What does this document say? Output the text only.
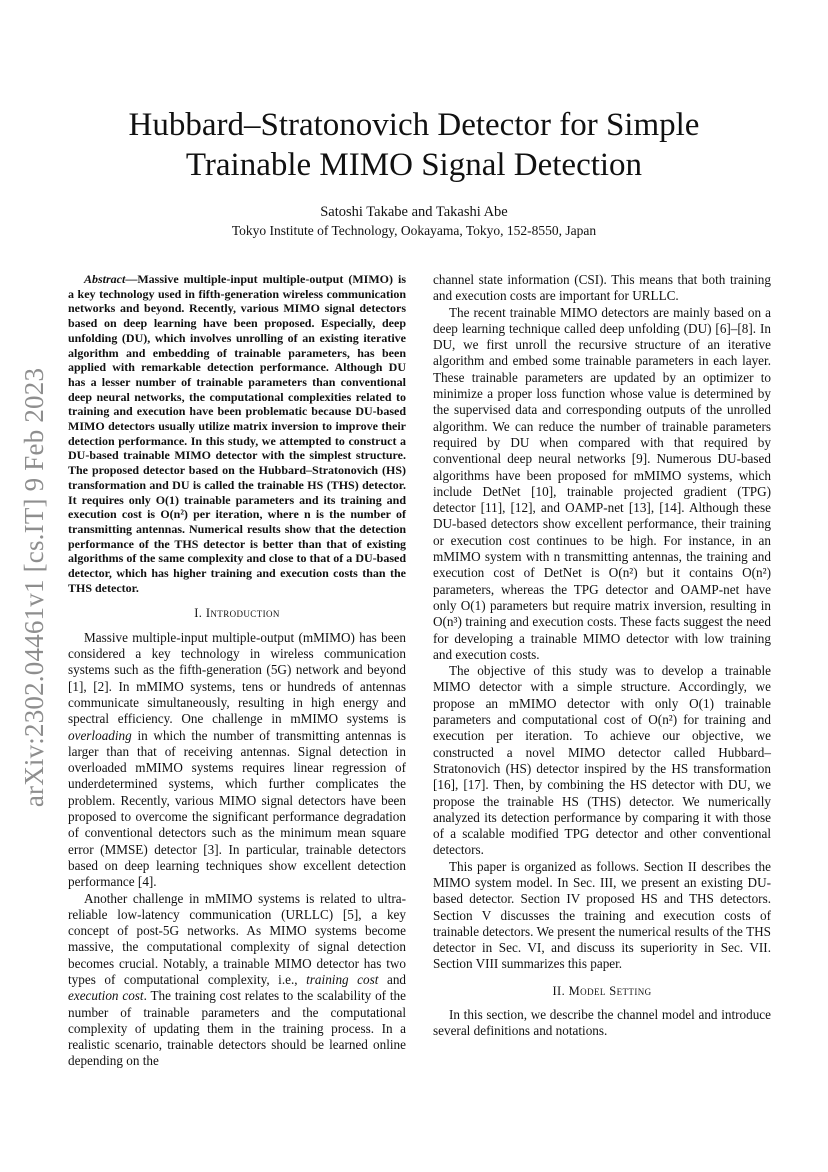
arXiv:2302.04461v1 [cs.IT] 9 Feb 2023
Hubbard–Stratonovich Detector for Simple
Trainable MIMO Signal Detection
Satoshi Takabe and Takashi Abe
Tokyo Institute of Technology, Ookayama, Tokyo, 152-8550, Japan

Abstract—Massive multiple-input multiple-output (MIMO) is a key technology used in fifth-generation wireless communication networks and beyond. Recently, various MIMO signal detectors based on deep learning have been proposed. Especially, deep unfolding (DU), which involves unrolling of an existing iterative algorithm and embedding of trainable parameters, has been applied with remarkable detection performance. Although DU has a lesser number of trainable parameters than conventional deep neural networks, the computational complexities related to training and execution have been problematic because DU-based MIMO detectors usually utilize matrix inversion to improve their detection performance. In this study, we attempted to construct a DU-based trainable MIMO detector with the simplest structure. The proposed detector based on the Hubbard–Stratonovich (HS) transformation and DU is called the trainable HS (THS) detector. It requires only O(1) trainable parameters and its training and execution cost is O(n²) per iteration, where n is the number of transmitting antennas. Numerical results show that the detection performance of the THS detector is better than that of existing algorithms of the same complexity and close to that of a DU-based detector, which has higher training and execution costs than the THS detector.

I. Introduction

Massive multiple-input multiple-output (mMIMO) has been considered a key technology in wireless communication systems such as the fifth-generation (5G) network and beyond [1], [2]. In mMIMO systems, tens or hundreds of antennas communicate simultaneously, resulting in high energy and spectral efficiency. One challenge in mMIMO systems is overloading in which the number of transmitting antennas is larger than that of receiving antennas. Signal detection in overloaded mMIMO systems requires linear regression of underdetermined systems, which further complicates the problem. Recently, various MIMO signal detectors have been proposed to overcome the significant performance degradation of conventional detectors such as the minimum mean square error (MMSE) detector [3]. In particular, trainable detectors based on deep learning techniques show excellent detection performance [4].

Another challenge in mMIMO systems is related to ultra-reliable low-latency communication (URLLC) [5], a key concept of post-5G networks. As MIMO systems become massive, the computational complexity of signal detection becomes crucial. Notably, a trainable MIMO detector has two types of computational complexity, i.e., training cost and execution cost. The training cost relates to the scalability of the number of trainable parameters and the computational complexity of updating them in the training process. In a realistic scenario, trainable detectors should be learned online depending on the

channel state information (CSI). This means that both training and execution costs are important for URLLC.

The recent trainable MIMO detectors are mainly based on a deep learning technique called deep unfolding (DU) [6]–[8]. In DU, we first unroll the recursive structure of an iterative algorithm and embed some trainable parameters in each layer. These trainable parameters are updated by an optimizer to minimize a proper loss function whose value is determined by the supervised data and corresponding outputs of the unrolled algorithm. We can reduce the number of trainable parameters required by DU when compared with that required by conventional deep neural networks [9]. Numerous DU-based algorithms have been proposed for mMIMO systems, which include DetNet [10], trainable projected gradient (TPG) detector [11], [12], and OAMP-net [13], [14]. Although these DU-based detectors show excellent performance, their training or execution cost continues to be high. For instance, in an mMIMO system with n transmitting antennas, the training and execution cost of DetNet is O(n²) but it contains O(n²) parameters, whereas the TPG detector and OAMP-net have only O(1) parameters but require matrix inversion, resulting in O(n³) training and execution costs. These facts suggest the need for developing a trainable MIMO detector with low training and execution costs.

The objective of this study was to develop a trainable MIMO detector with a simple structure. Accordingly, we propose an mMIMO detector with only O(1) trainable parameters and computational cost of O(n²) for training and execution per iteration. To achieve our objective, we constructed a novel MIMO detector called Hubbard–Stratonovich (HS) detector inspired by the HS transformation [16], [17]. Then, by combining the HS detector with DU, we propose the trainable HS (THS) detector. We numerically analyzed its detection performance by comparing it with those of a scalable modified TPG detector and other conventional detectors.

This paper is organized as follows. Section II describes the MIMO system model. In Sec. III, we present an existing DU-based detector. Section IV proposed HS and THS detectors. Section V discusses the training and execution costs of trainable detectors. We present the numerical results of the THS detector in Sec. VI, and discuss its superiority in Sec. VII. Section VIII summarizes this paper.

II. Model Setting

In this section, we describe the channel model and introduce several definitions and notations.
